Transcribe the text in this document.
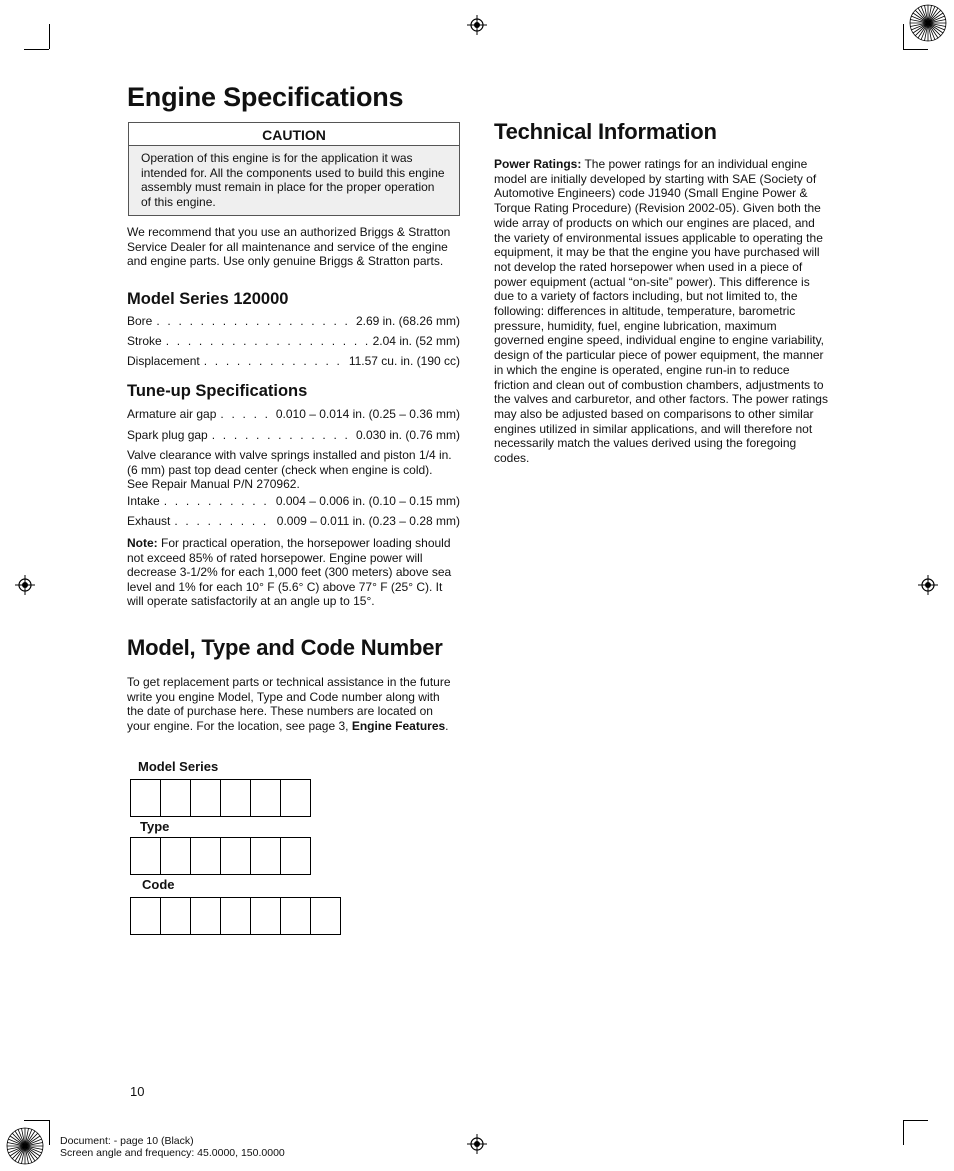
Engine Specifications
CAUTION
Operation of this engine is for the application it was intended for. All the components used to build this engine assembly must remain in place for the proper operation of this engine.
We recommend that you use an authorized Briggs & Stratton Service Dealer for all maintenance and service of the engine and engine parts. Use only genuine Briggs & Stratton parts.
Model Series 120000
Bore . . .	2.69 in. (68.26 mm)
Stroke . . .	2.04 in. (52 mm)
Displacement . . .	11.57 cu. in. (190 cc)
Tune-up Specifications
Armature air gap . . .	0.010 – 0.014 in. (0.25 – 0.36 mm)
Spark plug gap . . .	0.030 in. (0.76 mm)
Valve clearance with valve springs installed and piston 1/4 in. (6 mm) past top dead center (check when engine is cold). See Repair Manual P/N 270962.
Intake . . .	0.004 – 0.006 in. (0.10 – 0.15 mm)
Exhaust . . .	0.009 – 0.011 in. (0.23 – 0.28 mm)
Note: For practical operation, the horsepower loading should not exceed 85% of rated horsepower. Engine power will decrease 3-1/2% for each 1,000 feet (300 meters) above sea level and 1% for each 10° F (5.6° C) above 77° F (25° C). It will operate satisfactorily at an angle up to 15°.
Model, Type and Code Number
To get replacement parts or technical assistance in the future write you engine Model, Type and Code number along with the date of purchase here. These numbers are located on your engine. For the location, see page 3, Engine Features.
Model Series
Type
Code
Technical Information
Power Ratings: The power ratings for an individual engine model are initially developed by starting with SAE (Society of Automotive Engineers) code J1940 (Small Engine Power & Torque Rating Procedure) (Revision 2002-05). Given both the wide array of products on which our engines are placed, and the variety of environmental issues applicable to operating the equipment, it may be that the engine you have purchased will not develop the rated horsepower when used in a piece of power equipment (actual “on-site” power). This difference is due to a variety of factors including, but not limited to, the following: differences in altitude, temperature, barometric pressure, humidity, fuel, engine lubrication, maximum governed engine speed, individual engine to engine variability, design of the particular piece of power equipment, the manner in which the engine is operated, engine run-in to reduce friction and clean out of combustion chambers, adjustments to the valves and carburetor, and other factors. The power ratings may also be adjusted based on comparisons to other similar engines utilized in similar applications, and will therefore not necessarily match the values derived using the foregoing codes.
10
Document: - page 10 (Black)
Screen angle and frequency: 45.0000, 150.0000
